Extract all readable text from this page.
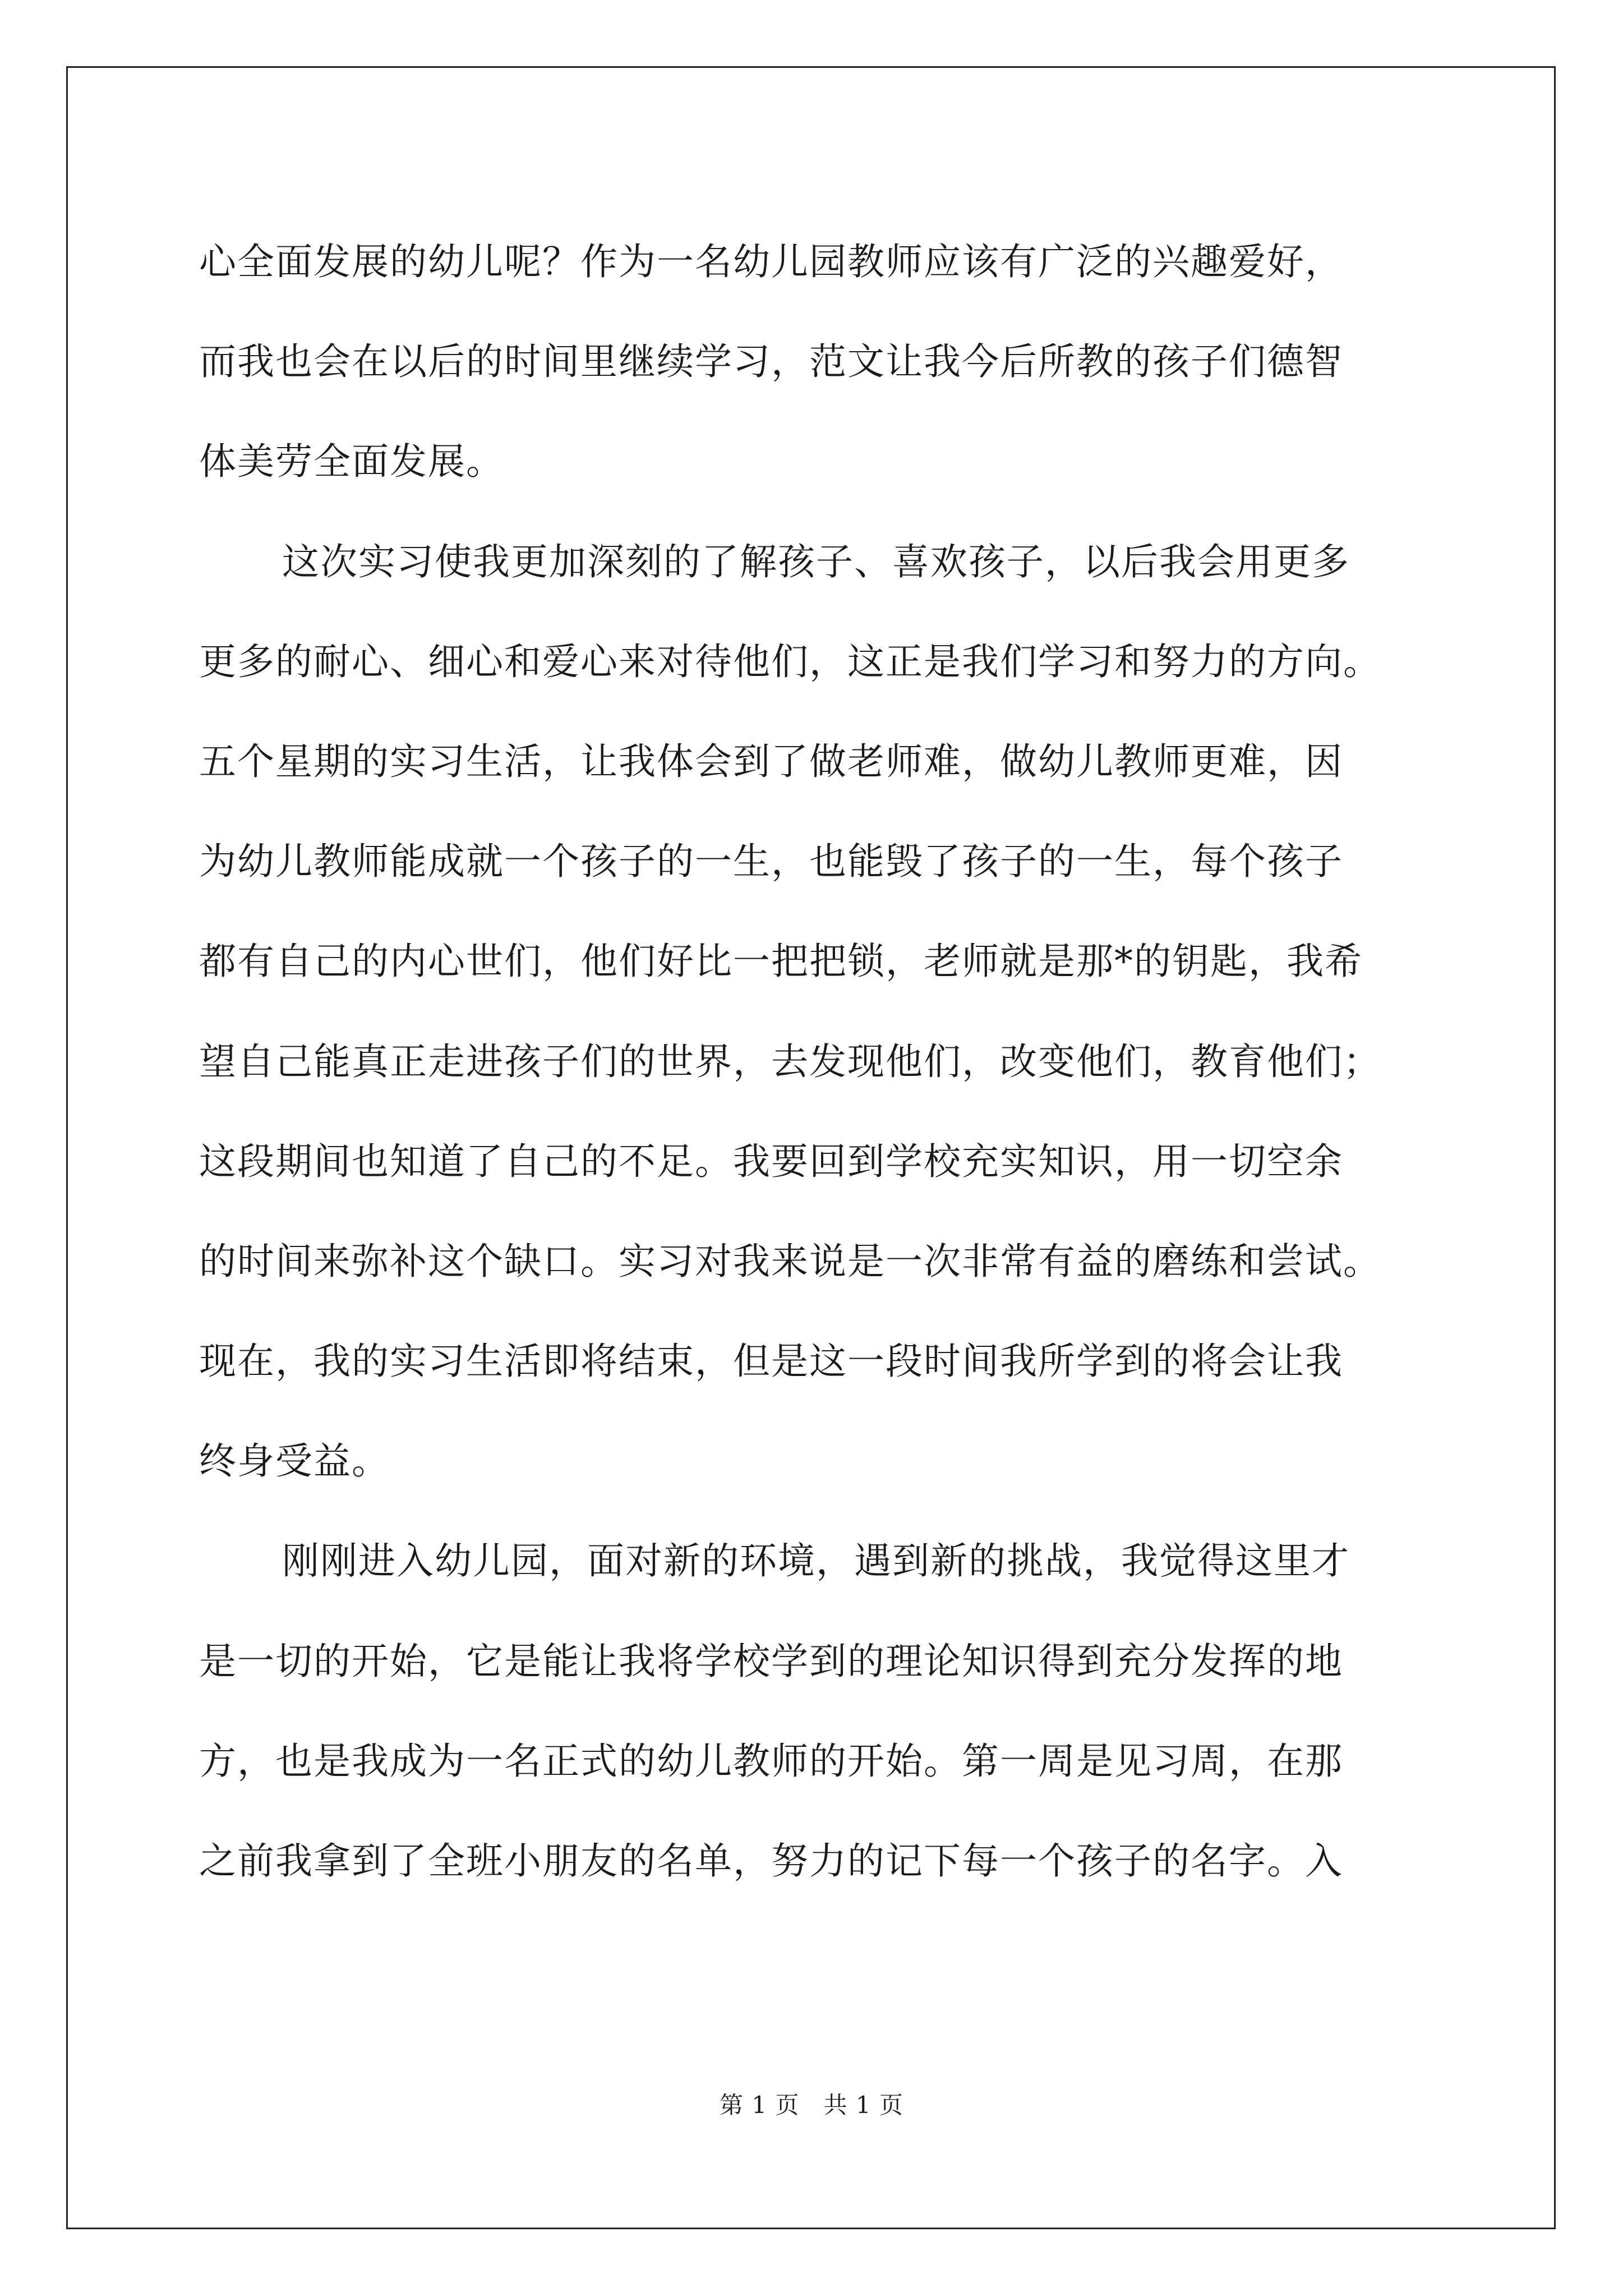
心全面发展的幼儿呢？作为一名幼儿园教师应该有广泛的兴趣爱好，
而我也会在以后的时间里继续学习，范文让我今后所教的孩子们德智
体美劳全面发展。
这次实习使我更加深刻的了解孩子、喜欢孩子，以后我会用更多
更多的耐心、细心和爱心来对待他们，这正是我们学习和努力的方向。
五个星期的实习生活，让我体会到了做老师难，做幼儿教师更难，因
为幼儿教师能成就一个孩子的一生，也能毁了孩子的一生，每个孩子
都有自己的内心世们，他们好比一把把锁，老师就是那*的钥匙，我希
望自己能真正走进孩子们的世界，去发现他们，改变他们，教育他们；
这段期间也知道了自己的不足。我要回到学校充实知识，用一切空余
的时间来弥补这个缺口。实习对我来说是一次非常有益的磨练和尝试。
现在，我的实习生活即将结束，但是这一段时间我所学到的将会让我
终身受益。
刚刚进入幼儿园，面对新的环境，遇到新的挑战，我觉得这里才
是一切的开始，它是能让我将学校学到的理论知识得到充分发挥的地
方，也是我成为一名正式的幼儿教师的开始。第一周是见习周，在那
之前我拿到了全班小朋友的名单，努力的记下每一个孩子的名字。入
第 1 页   共 1 页
